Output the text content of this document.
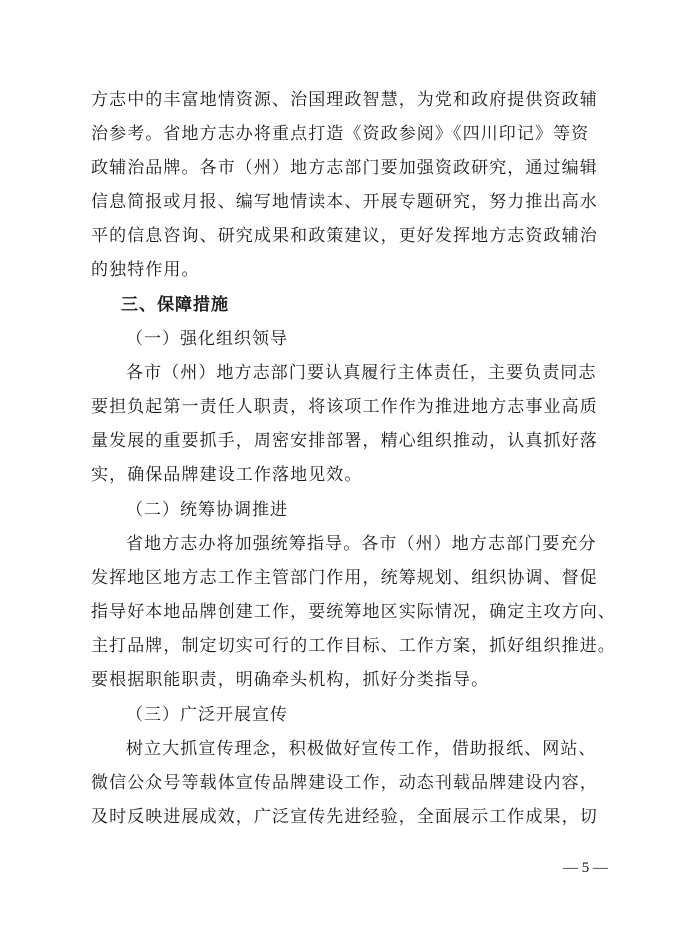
方志中的丰富地情资源、治国理政智慧，为党和政府提供资政辅
治参考。省地方志办将重点打造《资政参阅》《四川印记》等资
政辅治品牌。各市（州）地方志部门要加强资政研究，通过编辑
信息简报或月报、编写地情读本、开展专题研究，努力推出高水
平的信息咨询、研究成果和政策建议，更好发挥地方志资政辅治
的独特作用。
三、保障措施
（一）强化组织领导
各市（州）地方志部门要认真履行主体责任，主要负责同志
要担负起第一责任人职责，将该项工作作为推进地方志事业高质
量发展的重要抓手，周密安排部署，精心组织推动，认真抓好落
实，确保品牌建设工作落地见效。
（二）统筹协调推进
省地方志办将加强统筹指导。各市（州）地方志部门要充分
发挥地区地方志工作主管部门作用，统筹规划、组织协调、督促
指导好本地品牌创建工作，要统筹地区实际情况，确定主攻方向、
主打品牌，制定切实可行的工作目标、工作方案，抓好组织推进。
要根据职能职责，明确牵头机构，抓好分类指导。
（三）广泛开展宣传
树立大抓宣传理念，积极做好宣传工作，借助报纸、网站、
微信公众号等载体宣传品牌建设工作，动态刊载品牌建设内容，
及时反映进展成效，广泛宣传先进经验，全面展示工作成果，切
— 5 —
